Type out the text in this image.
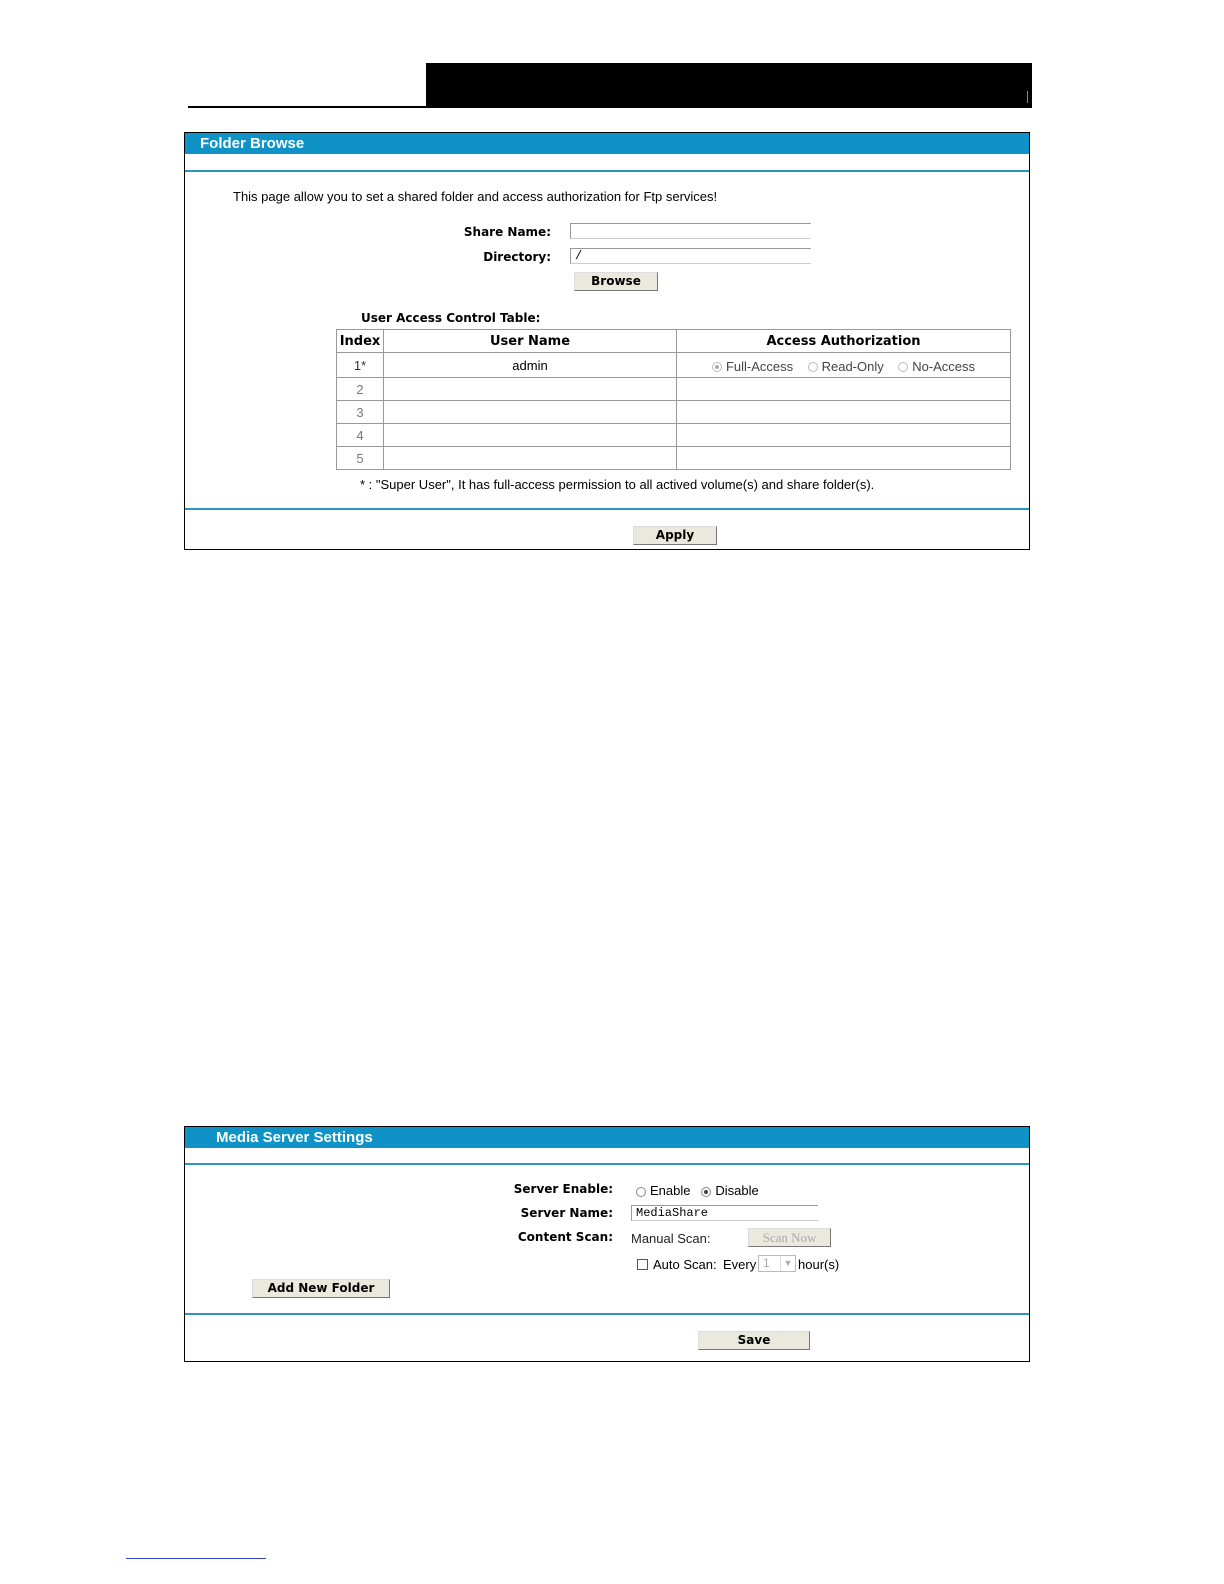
Folder Browse
This page allow you to set a shared folder and access authorization for Ftp services!
Share Name:
Directory:	/
Browse
User Access Control Table:
Index	User Name	Access Authorization
1*	admin	Full-Access Read-Only No-Access
2		
3		
4		
5		
* : "Super User", It has full-access permission to all actived volume(s) and share folder(s).
Apply
Media Server Settings
Server Enable:	Enable Disable
Server Name:	MediaShare
Content Scan: Manual Scan:	Scan Now
Auto Scan: Every 1	▼ hour(s)
Add New Folder
Save
